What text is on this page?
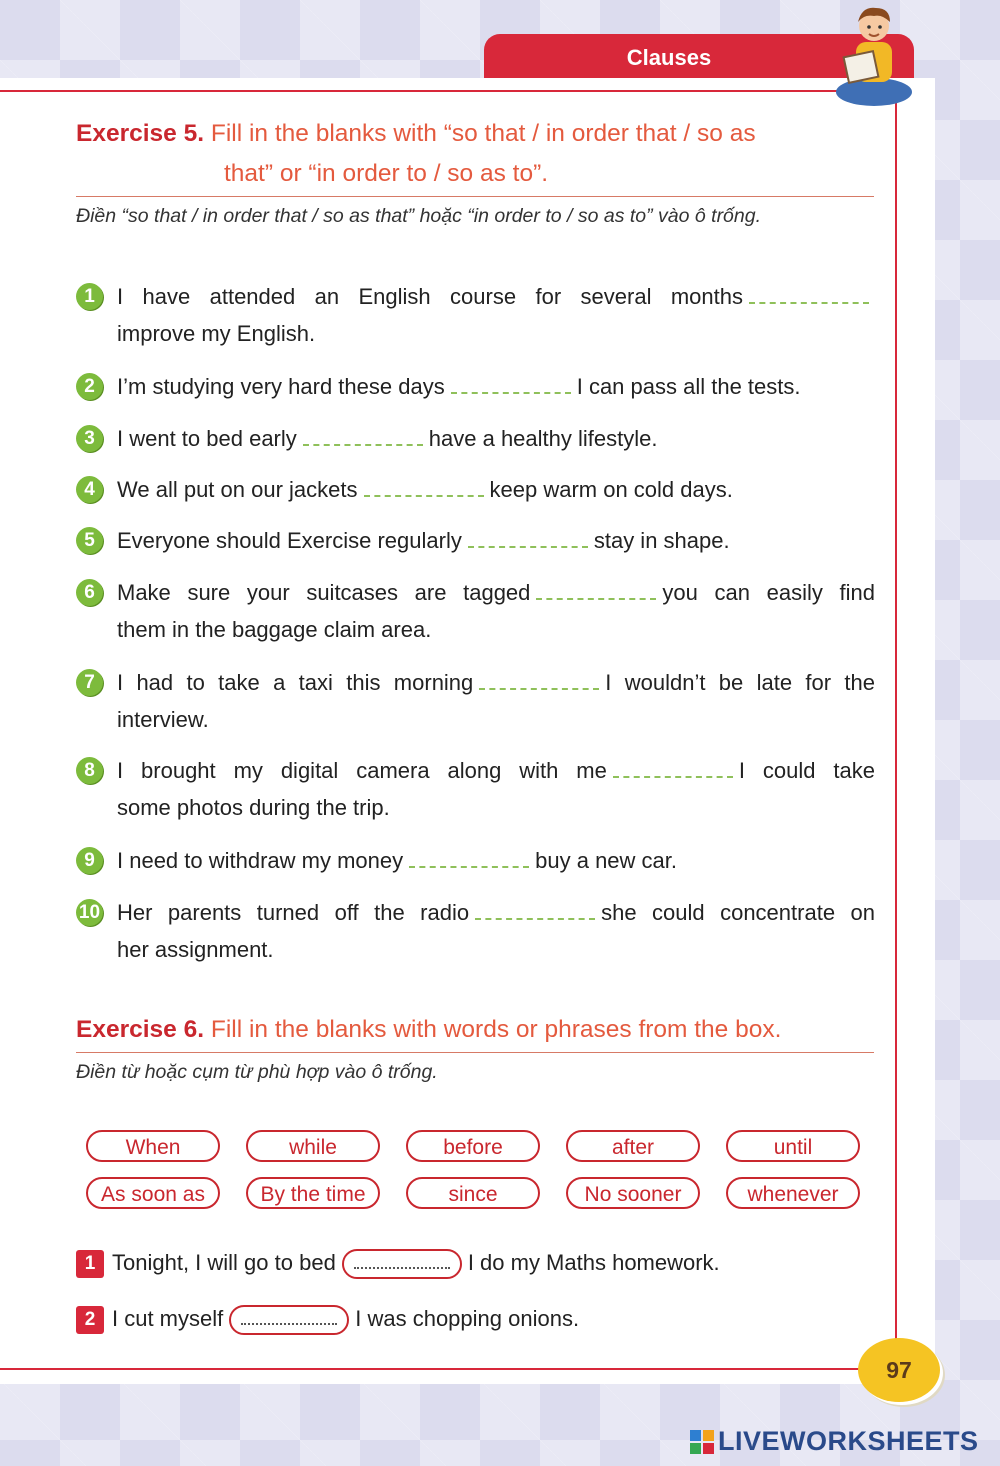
Clauses
Exercise 5. Fill in the blanks with “so that / in order that / so as
that” or “in order to / so as to”.
Điền “so that / in order that / so as that” hoặc “in order to / so as to” vào ô trống.
1	I have attended an English course for several months
improve my English.
2	I’m studying very hard these days	I can pass all the tests.
3	I went to bed early	have a healthy lifestyle.
4	We all put on our jackets	keep warm on cold days.
5	Everyone should Exercise regularly	stay in shape.
6	Make sure your suitcases are tagged	you can easily find
them in the baggage claim area.
7	I had to take a taxi this morning	I wouldn’t be late for the
interview.
8	I brought my digital camera along with me	I could take
some photos during the trip.
9	I need to withdraw my money	buy a new car.
10 Her parents turned off the radio	she could concentrate on
her assignment.
Exercise 6. Fill in the blanks with words or phrases from the box.
Điền từ hoặc cụm từ phù hợp vào ô trống.
When	while	before	after	until
As soon as	By the time	since	No sooner	whenever
1 Tonight, I will go to bed	I do my Maths homework.
2 I cut myself	I was chopping onions.
97
LIVEWORKSHEETS
